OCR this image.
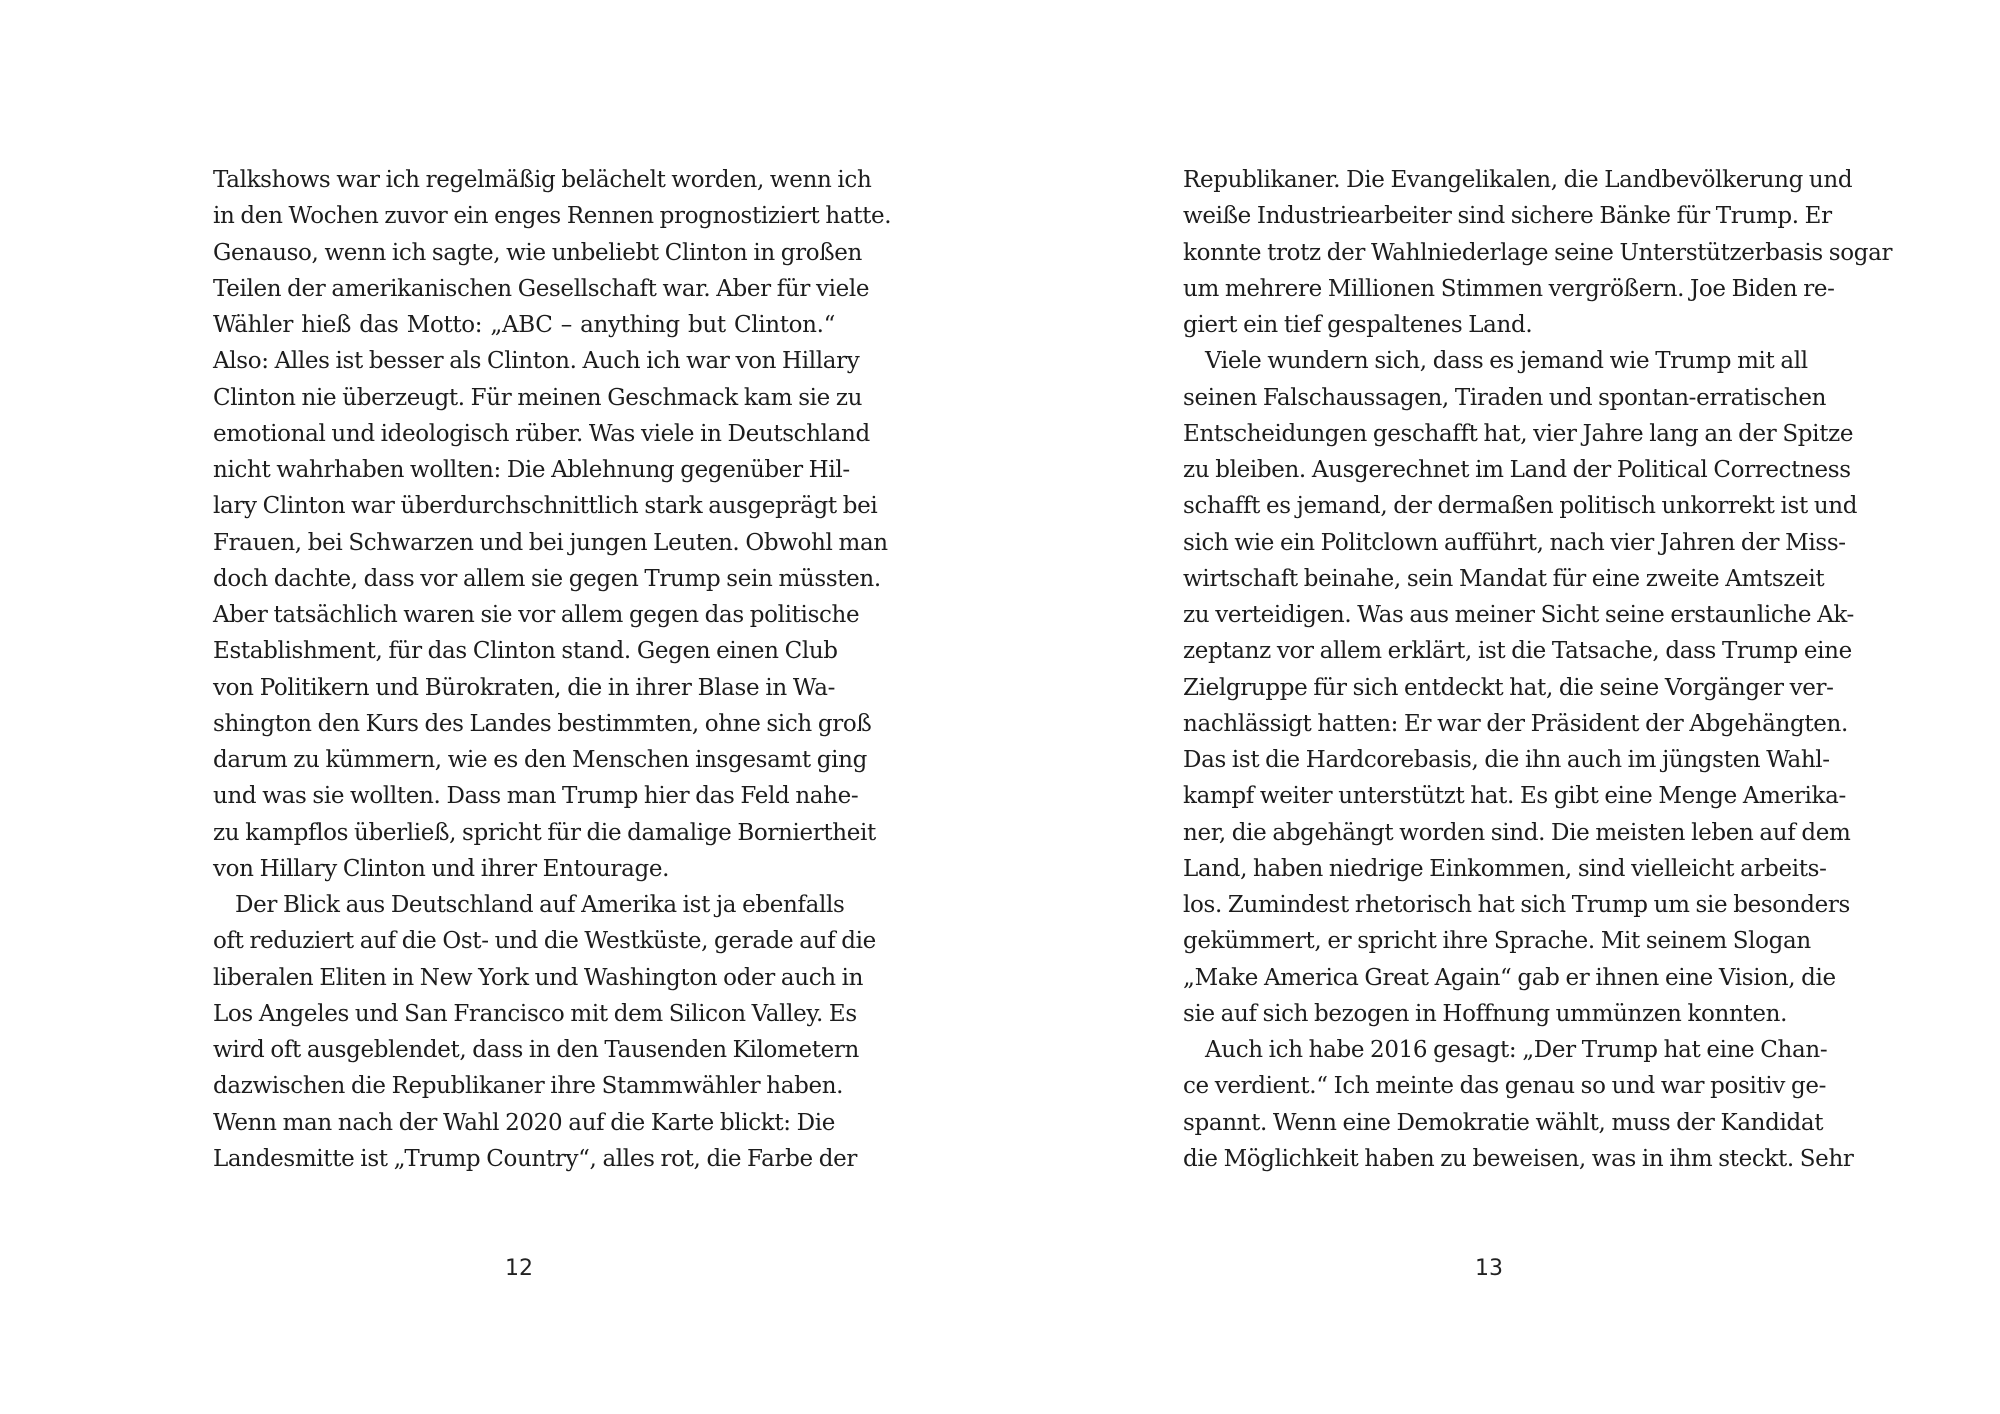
Talkshows war ich regelmäßig belächelt worden, wenn ich
in den Wochen zuvor ein enges Rennen prognostiziert hatte.
Genauso, wenn ich sagte, wie unbeliebt Clinton in großen
Teilen der amerikanischen Gesellschaft war. Aber für viele
Wähler hieß das Motto: „ABC – anything but Clinton.“
Also: Alles ist besser als Clinton. Auch ich war von Hillary
Clinton nie überzeugt. Für meinen Geschmack kam sie zu
emotional und ideologisch rüber. Was viele in Deutschland
nicht wahrhaben wollten: Die Ablehnung gegenüber Hil-
lary Clinton war überdurchschnittlich stark ausgeprägt bei
Frauen, bei Schwarzen und bei jungen Leuten. Obwohl man
doch dachte, dass vor allem sie gegen Trump sein müssten.
Aber tatsächlich waren sie vor allem gegen das politische
Establishment, für das Clinton stand. Gegen einen Club
von Politikern und Bürokraten, die in ihrer Blase in Wa-
shington den Kurs des Landes bestimmten, ohne sich groß
darum zu kümmern, wie es den Menschen insgesamt ging
und was sie wollten. Dass man Trump hier das Feld nahe-
zu kampflos überließ, spricht für die damalige Borniertheit
von Hillary Clinton und ihrer Entourage.
Der Blick aus Deutschland auf Amerika ist ja ebenfalls
oft reduziert auf die Ost- und die Westküste, gerade auf die
liberalen Eliten in New York und Washington oder auch in
Los Angeles und San Francisco mit dem Silicon Valley. Es
wird oft ausgeblendet, dass in den Tausenden Kilometern
dazwischen die Republikaner ihre Stammwähler haben.
Wenn man nach der Wahl 2020 auf die Karte blickt: Die
Landesmitte ist „Trump Country“, alles rot, die Farbe der
Republikaner. Die Evangelikalen, die Landbevölkerung und
weiße Industriearbeiter sind sichere Bänke für Trump. Er
konnte trotz der Wahlniederlage seine Unterstützerbasis sogar
um mehrere Millionen Stimmen vergrößern. Joe Biden re-
giert ein tief gespaltenes Land.
Viele wundern sich, dass es jemand wie Trump mit all
seinen Falschaussagen, Tiraden und spontan-erratischen
Entscheidungen geschafft hat, vier Jahre lang an der Spitze
zu bleiben. Ausgerechnet im Land der Political Correctness
schafft es jemand, der dermaßen politisch unkorrekt ist und
sich wie ein Politclown aufführt, nach vier Jahren der Miss-
wirtschaft beinahe, sein Mandat für eine zweite Amtszeit
zu verteidigen. Was aus meiner Sicht seine erstaunliche Ak-
zeptanz vor allem erklärt, ist die Tatsache, dass Trump eine
Zielgruppe für sich entdeckt hat, die seine Vorgänger ver-
nachlässigt hatten: Er war der Präsident der Abgehängten.
Das ist die Hardcorebasis, die ihn auch im jüngsten Wahl-
kampf weiter unterstützt hat. Es gibt eine Menge Amerika-
ner, die abgehängt worden sind. Die meisten leben auf dem
Land, haben niedrige Einkommen, sind vielleicht arbeits-
los. Zumindest rhetorisch hat sich Trump um sie besonders
gekümmert, er spricht ihre Sprache. Mit seinem Slogan
„Make America Great Again“ gab er ihnen eine Vision, die
sie auf sich bezogen in Hoffnung ummünzen konnten.
Auch ich habe 2016 gesagt: „Der Trump hat eine Chan-
ce verdient.“ Ich meinte das genau so und war positiv ge-
spannt. Wenn eine Demokratie wählt, muss der Kandidat
die Möglichkeit haben zu beweisen, was in ihm steckt. Sehr
12	13
